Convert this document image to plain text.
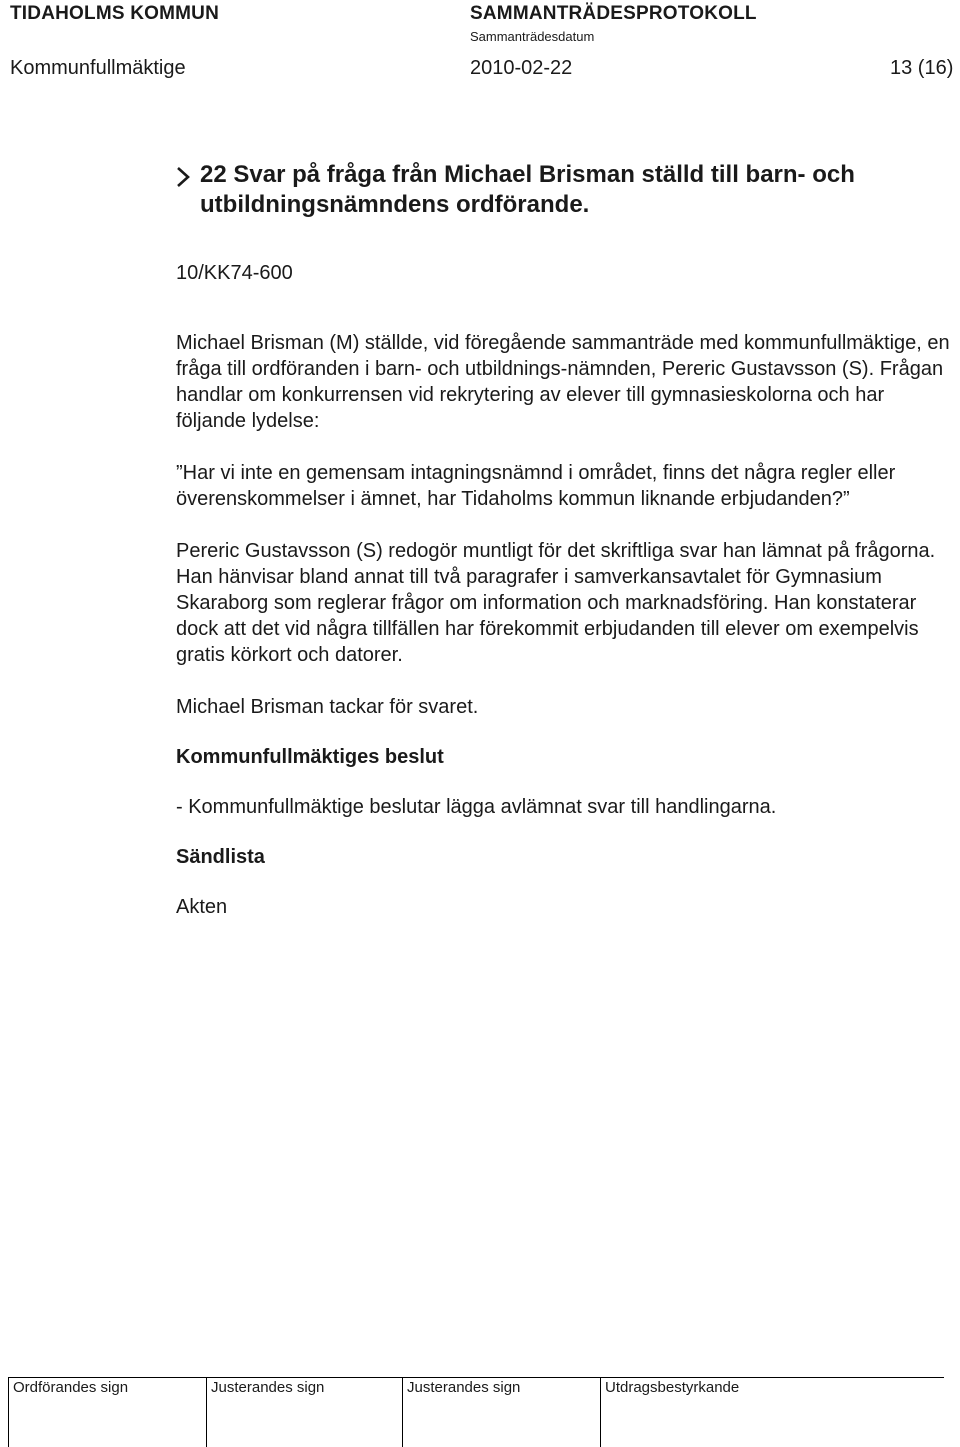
TIDAHOLMS KOMMUN	SAMMANTRÄDESPROTOKOLL
Sammanträdesdatum
Kommunfullmäktige	2010-02-22	13 (16)
22 Svar på fråga från Michael Brisman ställd till barn- och utbildningsnämndens ordförande.

10/KK74-600

Michael Brisman (M) ställde, vid föregående sammanträde med kommunfullmäktige, en fråga till ordföranden i barn- och utbildnings-nämnden, Pereric Gustavsson (S). Frågan handlar om konkurrensen vid rekrytering av elever till gymnasieskolorna och har följande lydelse:

”Har vi inte en gemensam intagningsnämnd i området, finns det några regler eller överenskommelser i ämnet, har Tidaholms kommun liknande erbjudanden?”

Pereric Gustavsson (S) redogör muntligt för det skriftliga svar han lämnat på frågorna. Han hänvisar bland annat till två paragrafer i samverkansavtalet för Gymnasium Skaraborg som reglerar frågor om information och marknadsföring. Han konstaterar dock att det vid några tillfällen har förekommit erbjudanden till elever om exempelvis gratis körkort och datorer.

Michael Brisman tackar för svaret.

Kommunfullmäktiges beslut

- Kommunfullmäktige beslutar lägga avlämnat svar till handlingarna.

Sändlista

Akten

Ordförandes sign	Justerandes sign	Justerandes sign	Utdragsbestyrkande
